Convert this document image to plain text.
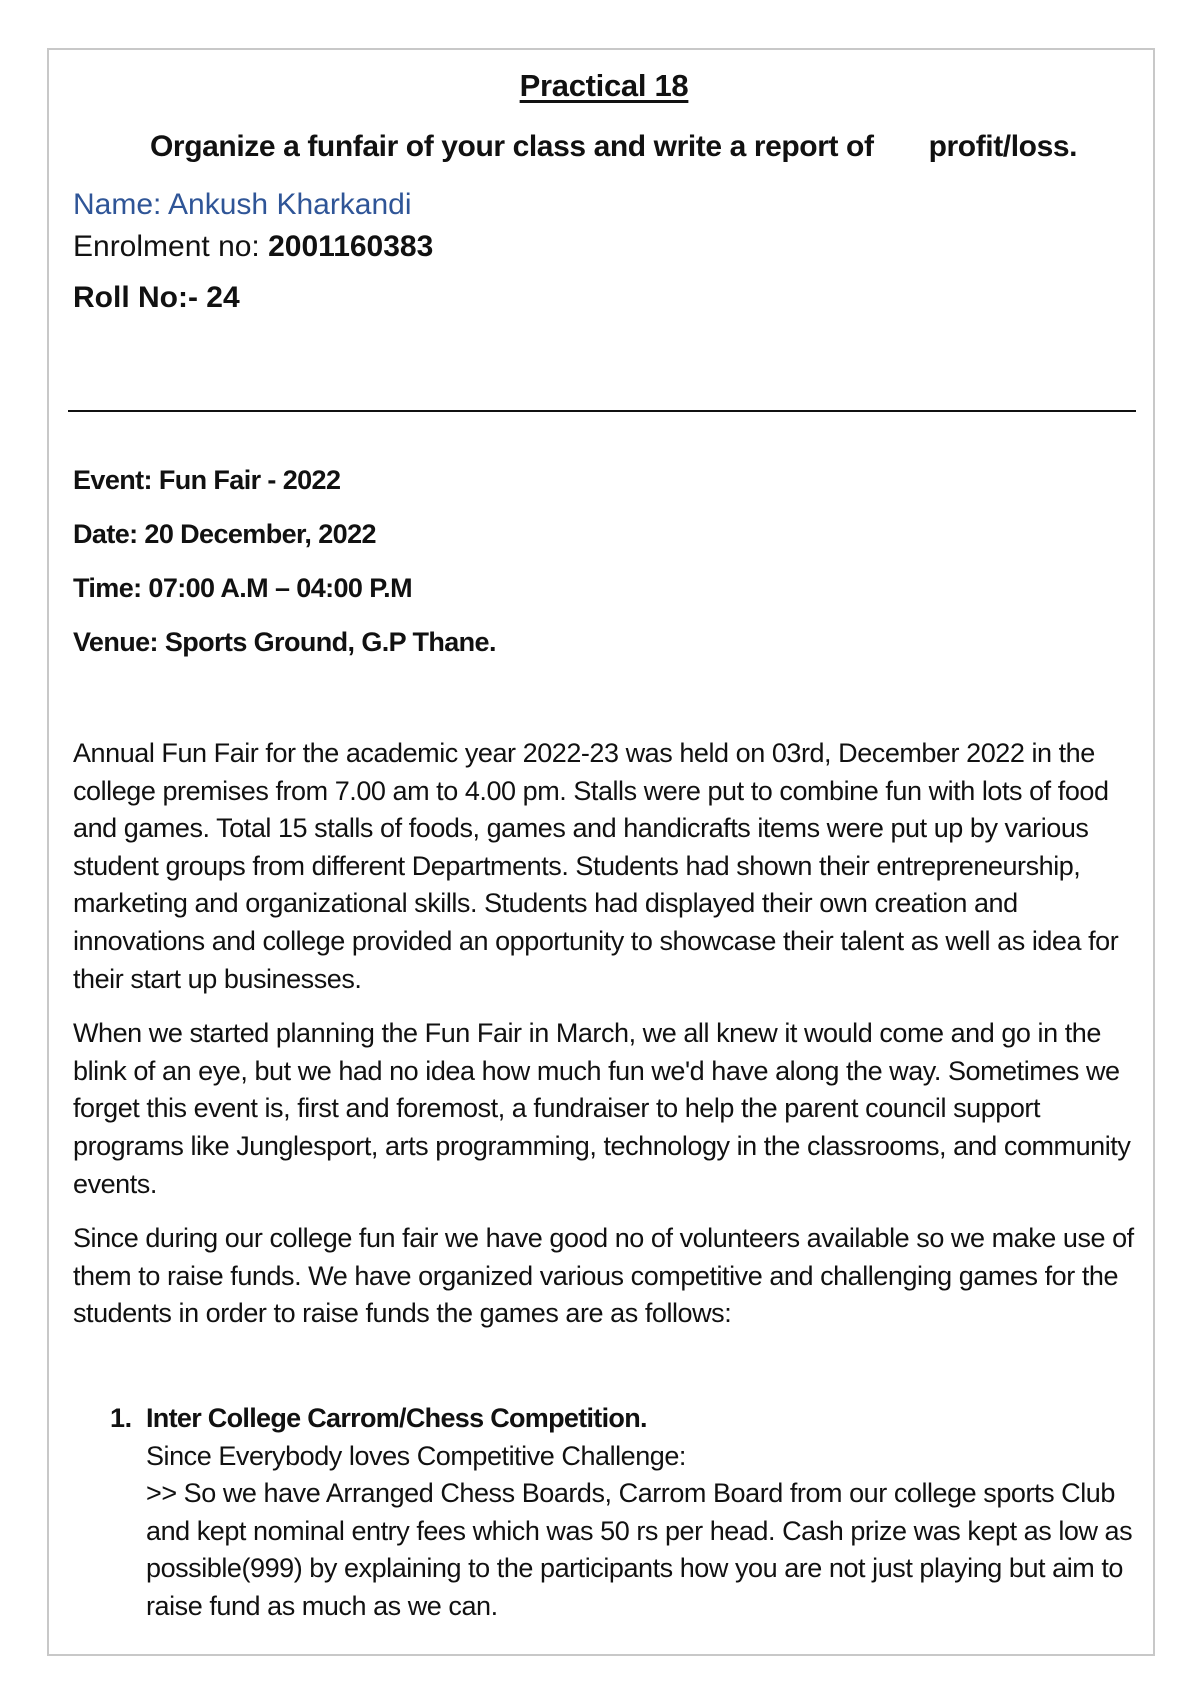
Practical 18
Organize a funfair of your class and write a report of profit/loss.
Name: Ankush Kharkandi
Enrolment no: 2001160383
Roll No:- 24
Event: Fun Fair - 2022
Date: 20 December, 2022
Time: 07:00 A.M – 04:00 P.M
Venue: Sports Ground, G.P Thane.

Annual Fun Fair for the academic year 2022-23 was held on 03rd, December 2022 in the college premises from 7.00 am to 4.00 pm. Stalls were put to combine fun with lots of food and games. Total 15 stalls of foods, games and handicrafts items were put up by various student groups from different Departments. Students had shown their entrepreneurship, marketing and organizational skills. Students had displayed their own creation and innovations and college provided an opportunity to showcase their talent as well as idea for their start up businesses.

When we started planning the Fun Fair in March, we all knew it would come and go in the blink of an eye, but we had no idea how much fun we'd have along the way. Sometimes we forget this event is, first and foremost, a fundraiser to help the parent council support programs like Junglesport, arts programming, technology in the classrooms, and community events.

Since during our college fun fair we have good no of volunteers available so we make use of them to raise funds. We have organized various competitive and challenging games for the students in order to raise funds the games are as follows:

1. Inter College Carrom/Chess Competition.
Since Everybody loves Competitive Challenge:
>> So we have Arranged Chess Boards, Carrom Board from our college sports Club and kept nominal entry fees which was 50 rs per head. Cash prize was kept as low as possible(999) by explaining to the participants how you are not just playing but aim to raise fund as much as we can.
